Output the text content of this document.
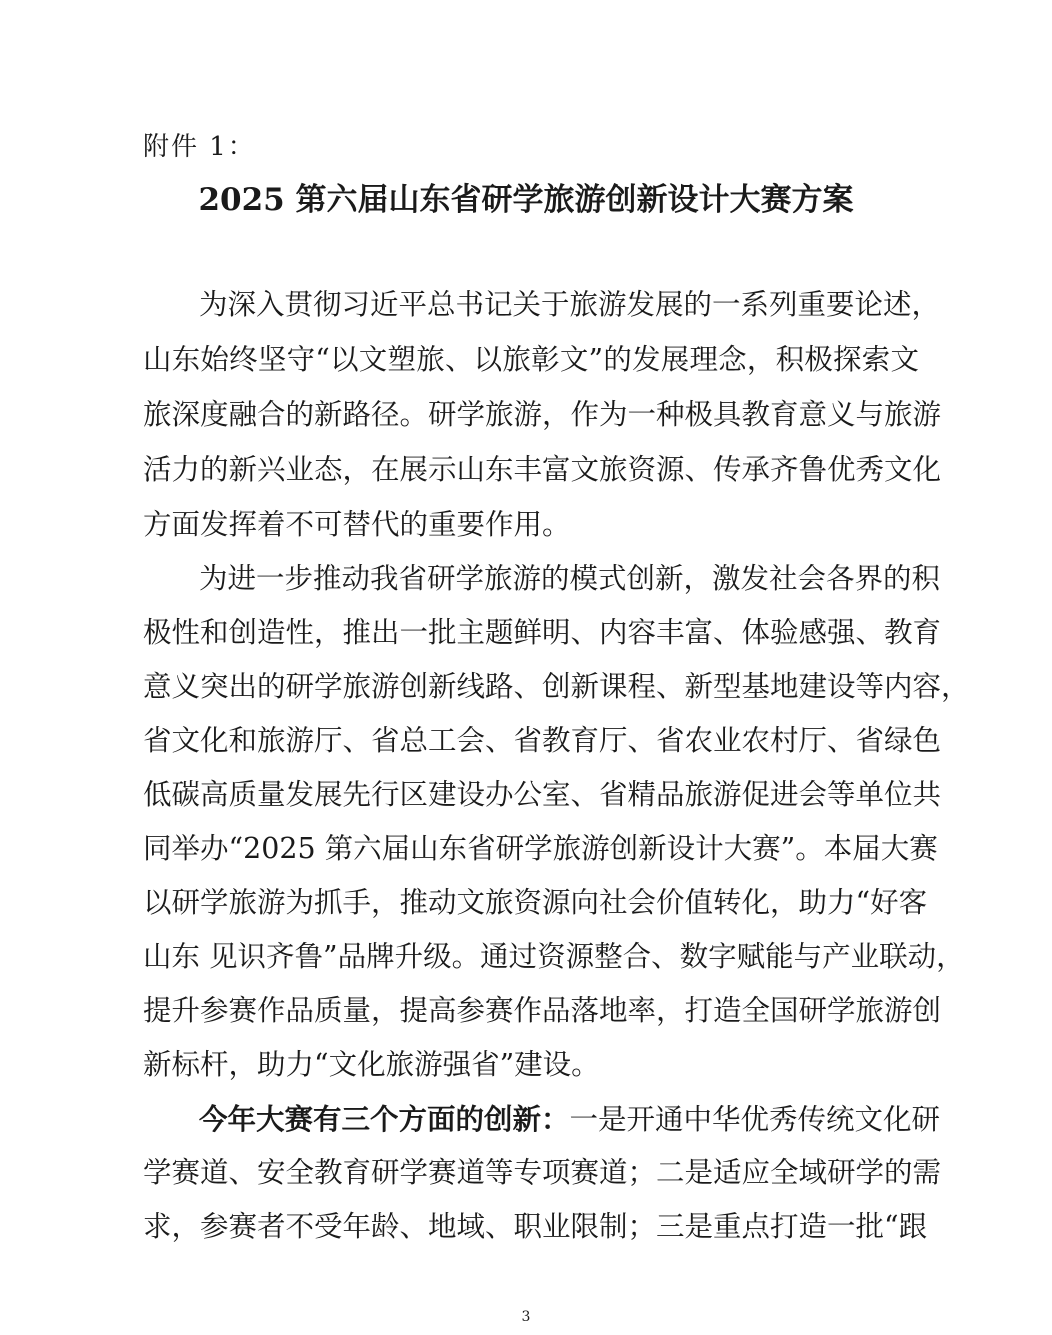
附件 1：
2025 第六届山东省研学旅游创新设计大赛方案
为深入贯彻习近平总书记关于旅游发展的一系列重要论述，
山东始终坚守“以文塑旅、以旅彰文”的发展理念，积极探索文
旅深度融合的新路径。研学旅游，作为一种极具教育意义与旅游
活力的新兴业态，在展示山东丰富文旅资源、传承齐鲁优秀文化
方面发挥着不可替代的重要作用。
为进一步推动我省研学旅游的模式创新，激发社会各界的积
极性和创造性，推出一批主题鲜明、内容丰富、体验感强、教育
意义突出的研学旅游创新线路、创新课程、新型基地建设等内容，
省文化和旅游厅、省总工会、省教育厅、省农业农村厅、省绿色
低碳高质量发展先行区建设办公室、省精品旅游促进会等单位共
同举办“2025 第六届山东省研学旅游创新设计大赛”。本届大赛
以研学旅游为抓手，推动文旅资源向社会价值转化，助力“好客
山东 见识齐鲁”品牌升级。通过资源整合、数字赋能与产业联动，
提升参赛作品质量，提高参赛作品落地率，打造全国研学旅游创
新标杆，助力“文化旅游强省”建设。
今年大赛有三个方面的创新：一是开通中华优秀传统文化研
学赛道、安全教育研学赛道等专项赛道；二是适应全域研学的需
求，参赛者不受年龄、地域、职业限制；三是重点打造一批“跟
3
